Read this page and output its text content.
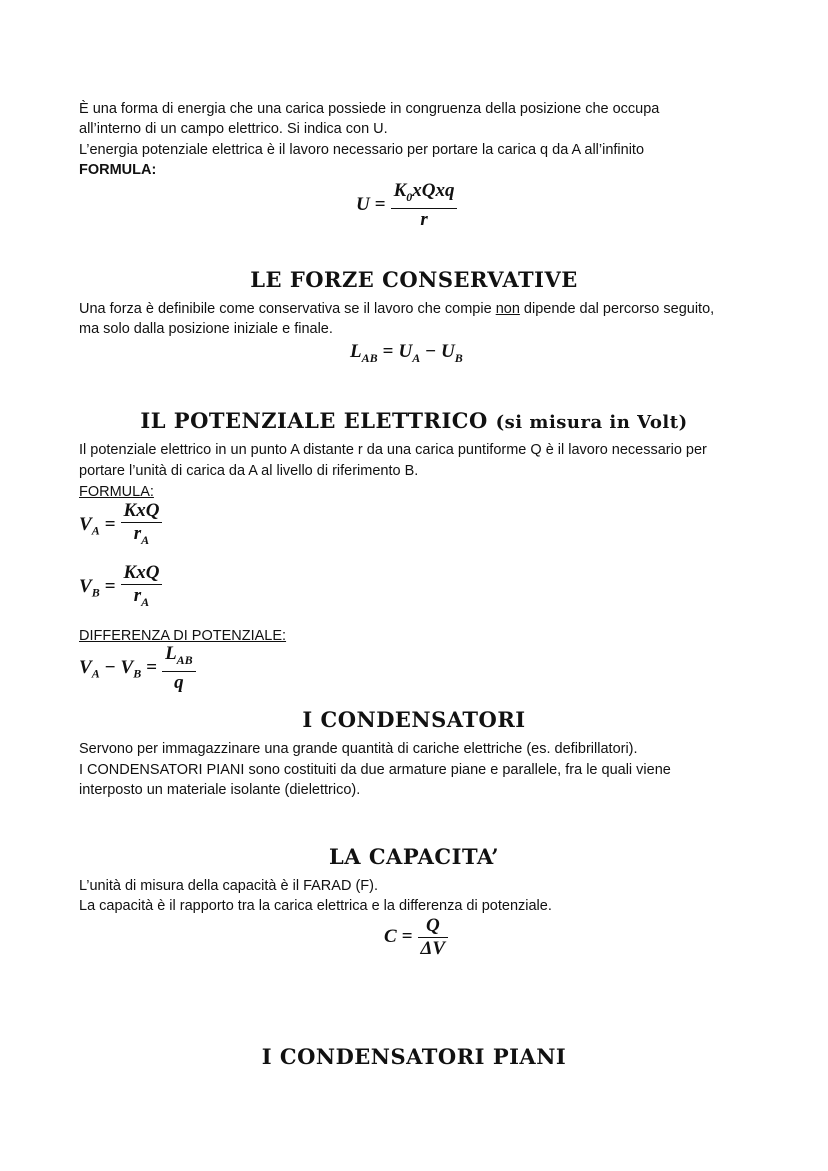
È una forma di energia che una carica possiede in congruenza della posizione che occupa
all’interno di un campo elettrico. Si indica con U.
L’energia potenziale elettrica è il lavoro necessario per portare la carica q da A all’infinito
FORMULA:
$U = \frac{K_0xQxq}{r}$
LE FORZE CONSERVATIVE
Una forza è definibile come conservativa se il lavoro che compie non dipende dal percorso seguito,
ma solo dalla posizione iniziale e finale.
$L_{AB} = U_A - U_B$
IL POTENZIALE ELETTRICO (si misura in Volt)
Il potenziale elettrico in un punto A distante r da una carica puntiforme Q è il lavoro necessario per
portare l’unità di carica da A al livello di riferimento B.
FORMULA:
$V_A = \frac{\text{KxQ}}{r_A}$
$V_B = \frac{\text{KxQ}}{r_A}$
DIFFERENZA DI POTENZIALE:
$V_A - V_B = \frac{L_{AB}}{q}$
I CONDENSATORI
Servono per immagazzinare una grande quantità di cariche elettriche (es. defibrillatori).
I CONDENSATORI PIANI sono costituiti da due armature piane e parallele, fra le quali viene
interposto un materiale isolante (dielettrico).
LA CAPACITA’
L’unità di misura della capacità è il FARAD (F).
La capacità è il rapporto tra la carica elettrica e la differenza di potenziale.
$C = \frac{Q}{\Delta V}$
I CONDENSATORI PIANI
